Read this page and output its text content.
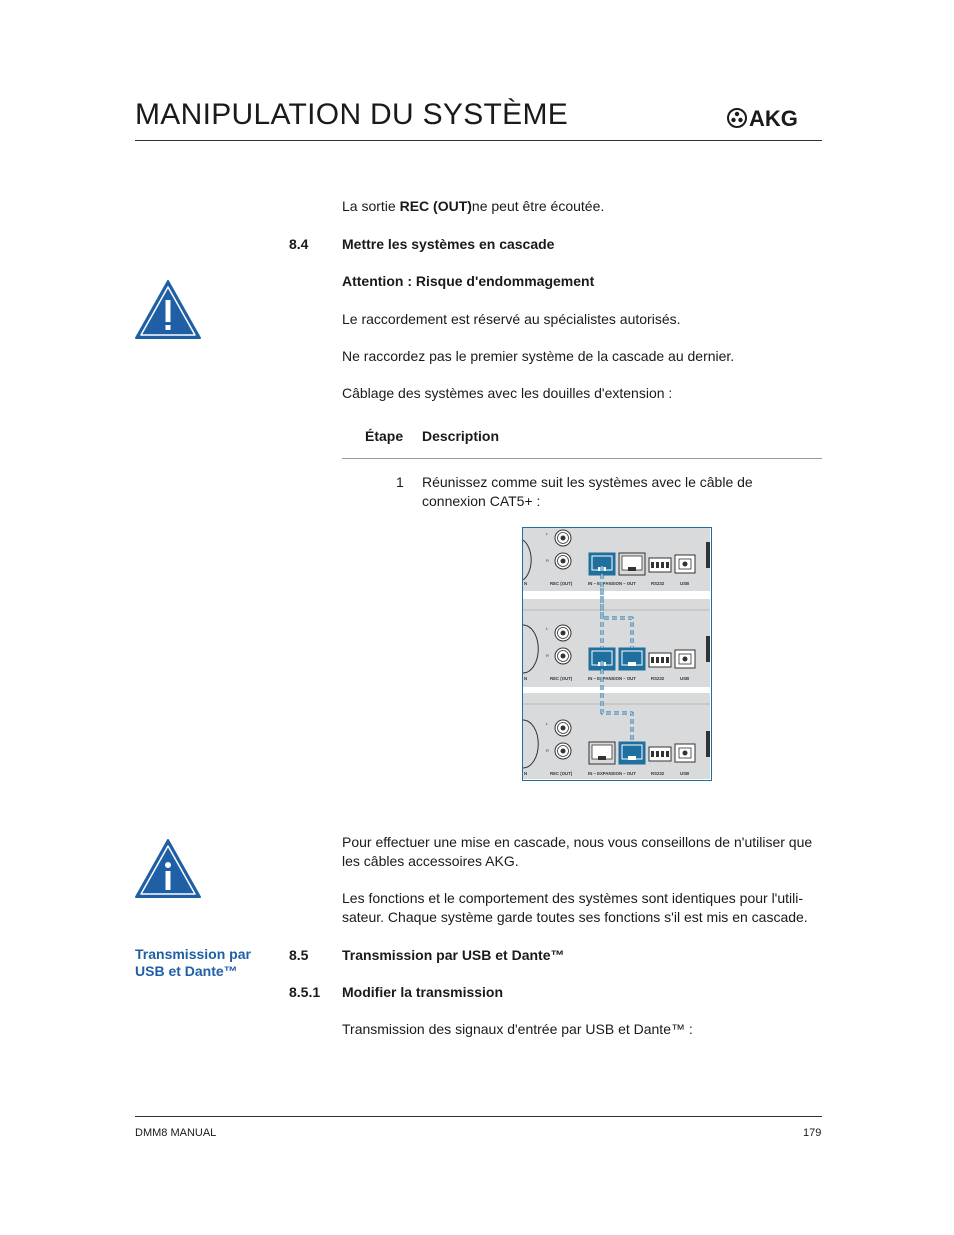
MANIPULATION DU SYSTÈME	AKG
La sortie REC (OUT)ne peut être écoutée.
8.4 Mettre les systèmes en cascade
Attention : Risque d'endommagement
Le raccordement est réservé au spécialistes autorisés.
Ne raccordez pas le premier système de la cascade au dernier.
Câblage des systèmes avec les douilles d'extension :
Étape Description
1 Réunissez comme suit les systèmes avec le câble de
connexion CAT5+ :
L
R
N	REC (OUT)	IN – EXPANSION – OUT	RS232	USB
L
R
N	REC (OUT)	IN – EXPANSION – OUT	RS232	USB
L
R
N	REC (OUT)	IN – EXPANSION – OUT	RS232	USB
Pour effectuer une mise en cascade, nous vous conseillons de n'utiliser que
les câbles accessoires AKG.
Les fonctions et le comportement des systèmes sont identiques pour l'utili-
sateur. Chaque système garde toutes ses fonctions s'il est mis en cascade.
Transmission par
USB et Dante™
8.5 Transmission par USB et Dante™
8.5.1 Modifier la transmission
Transmission des signaux d'entrée par USB et Dante™ :
DMM8 MANUAL	179
